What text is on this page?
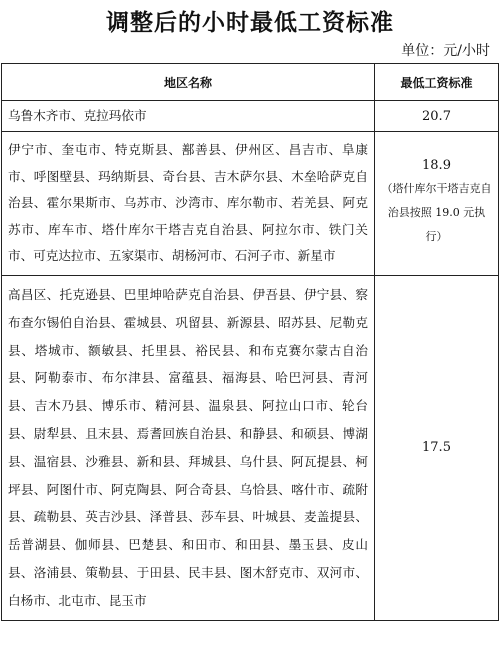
调整后的小时最低工资标准
单位：元/小时
地区名称	最低工资标准
乌鲁木齐市、克拉玛依市	20.7
伊宁市、奎屯市、特克斯县、鄯善县、伊州区、昌吉市、阜康市、呼图壁县、玛纳斯县、奇台县、吉木萨尔县、木垒哈萨克自治县、霍尔果斯市、乌苏市、沙湾市、库尔勒市、若羌县、阿克苏市、库车市、塔什库尔干塔吉克自治县、阿拉尔市、铁门关市、可克达拉市、五家渠市、胡杨河市、石河子市、新星市	18.9
（塔什库尔干塔吉克自治县按照 19.0 元执行）

高昌区、托克逊县、巴里坤哈萨克自治县、伊吾县、伊宁县、察布查尔锡伯自治县、霍城县、巩留县、新源县、昭苏县、尼勒克县、塔城市、额敏县、托里县、裕民县、和布克赛尔蒙古自治县、阿勒泰市、布尔津县、富蕴县、福海县、哈巴河县、青河县、吉木乃县、博乐市、精河县、温泉县、阿拉山口市、轮台县、尉犁县、且末县、焉耆回族自治县、和静县、和硕县、博湖县、温宿县、沙雅县、新和县、拜城县、乌什县、阿瓦提县、柯坪县、阿图什市、阿克陶县、阿合奇县、乌恰县、喀什市、疏附县、疏勒县、英吉沙县、泽普县、莎车县、叶城县、麦盖提县、岳普湖县、伽师县、巴楚县、和田市、和田县、墨玉县、皮山县、洛浦县、策勒县、于田县、民丰县、图木舒克市、双河市、白杨市、北屯市、昆玉市	17.5
